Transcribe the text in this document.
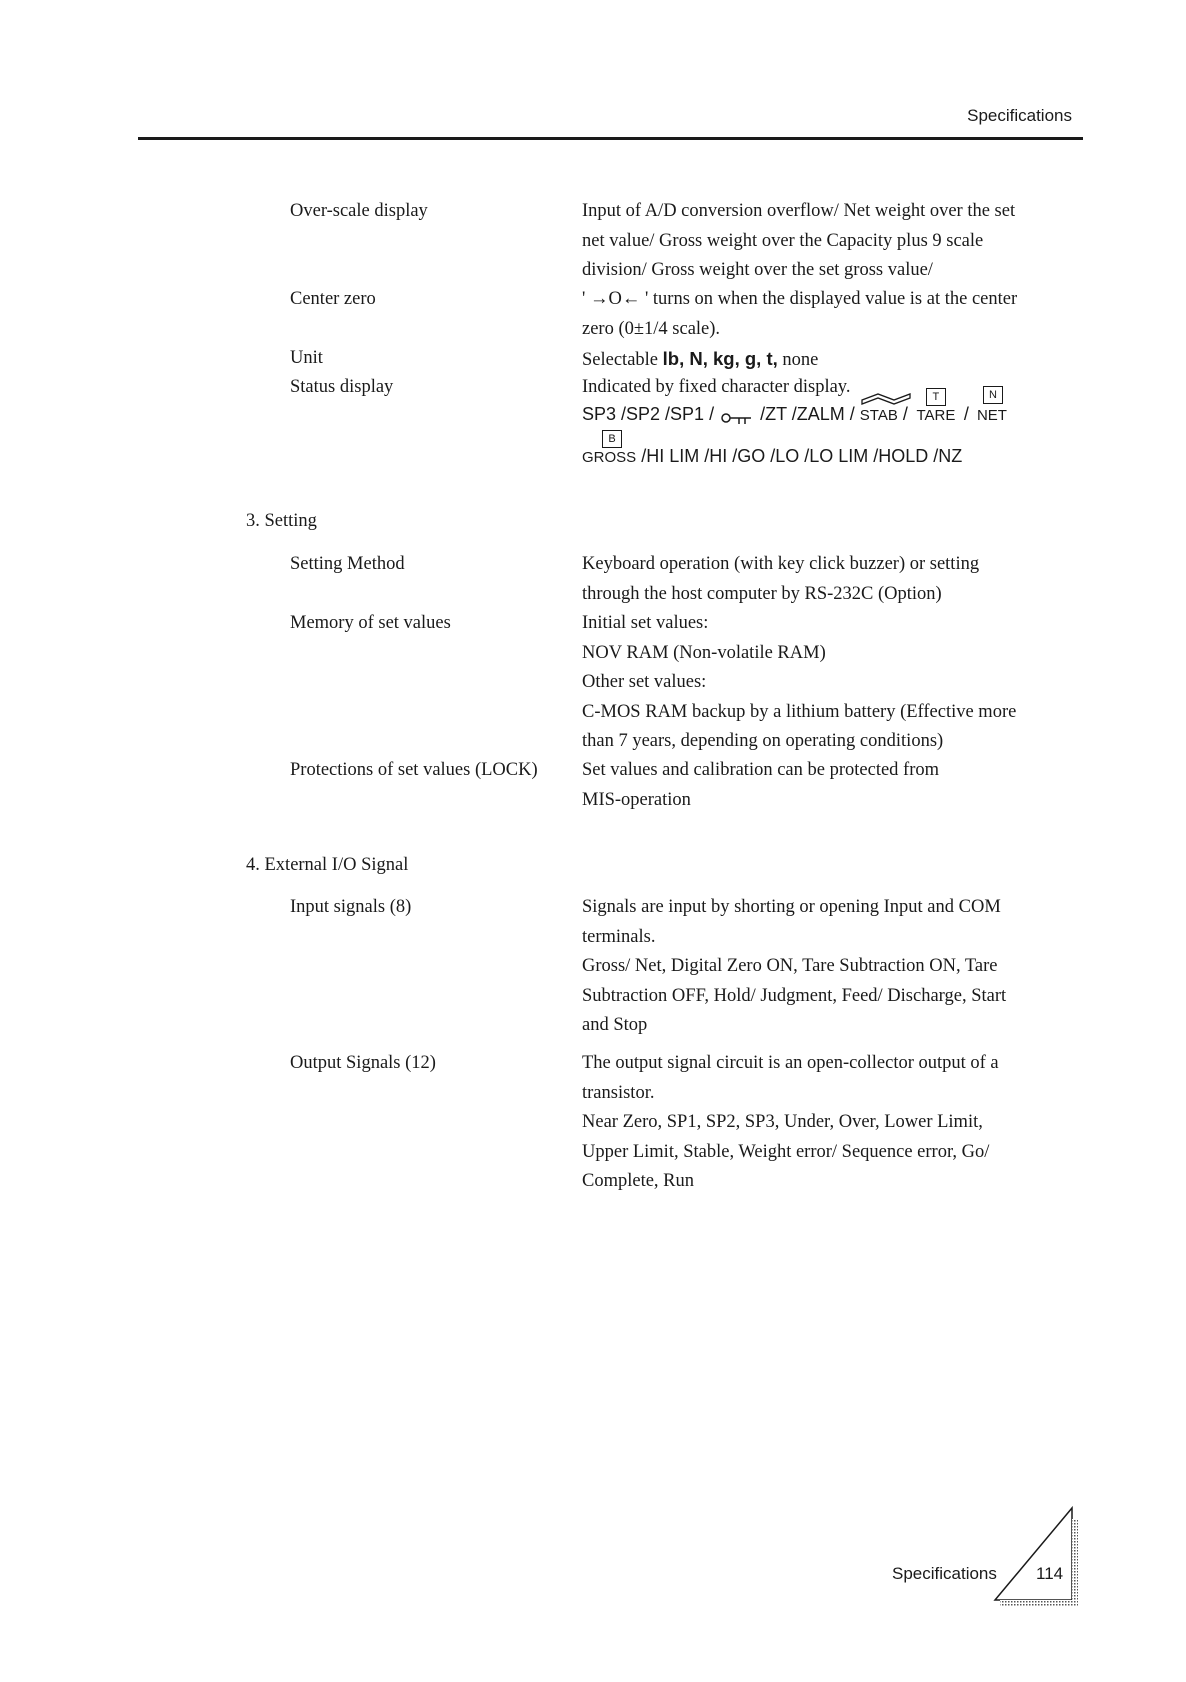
Specifications
Over-scale display	Input of A/D conversion overflow/ Net weight over the set
net value/ Gross weight over the Capacity plus 9 scale
division/ Gross weight over the set gross value/
Center zero	' →O← ' turns on when the displayed value is at the center
zero (0±1/4 scale).
Unit	Selectable lb, N, kg, g, t, none
Status display	Indicated by fixed character display.
SP3 /SP2 /SP1 /	/ZT /ZALM /
STAB /
T
TARE /
N
NET
B
GROSS /HI LIM /HI /GO /LO /LO LIM /HOLD /NZ
3. Setting
Setting Method	Keyboard operation (with key click buzzer) or setting
through the host computer by RS-232C (Option)
Memory of set values	Initial set values:
NOV RAM (Non-volatile RAM)
Other set values:
C-MOS RAM backup by a lithium battery (Effective more
than 7 years, depending on operating conditions)
Protections of set values (LOCK) Set values and calibration can be protected from
MIS-operation
4. External I/O Signal
Input signals (8)	Signals are input by shorting or opening Input and COM
terminals.
Gross/ Net, Digital Zero ON, Tare Subtraction ON, Tare
Subtraction OFF, Hold/ Judgment, Feed/ Discharge, Start
and Stop
Output Signals (12)	The output signal circuit is an open-collector output of a
transistor.
Near Zero, SP1, SP2, SP3, Under, Over, Lower Limit,
Upper Limit, Stable, Weight error/ Sequence error, Go/
Complete, Run
Specifications 114
